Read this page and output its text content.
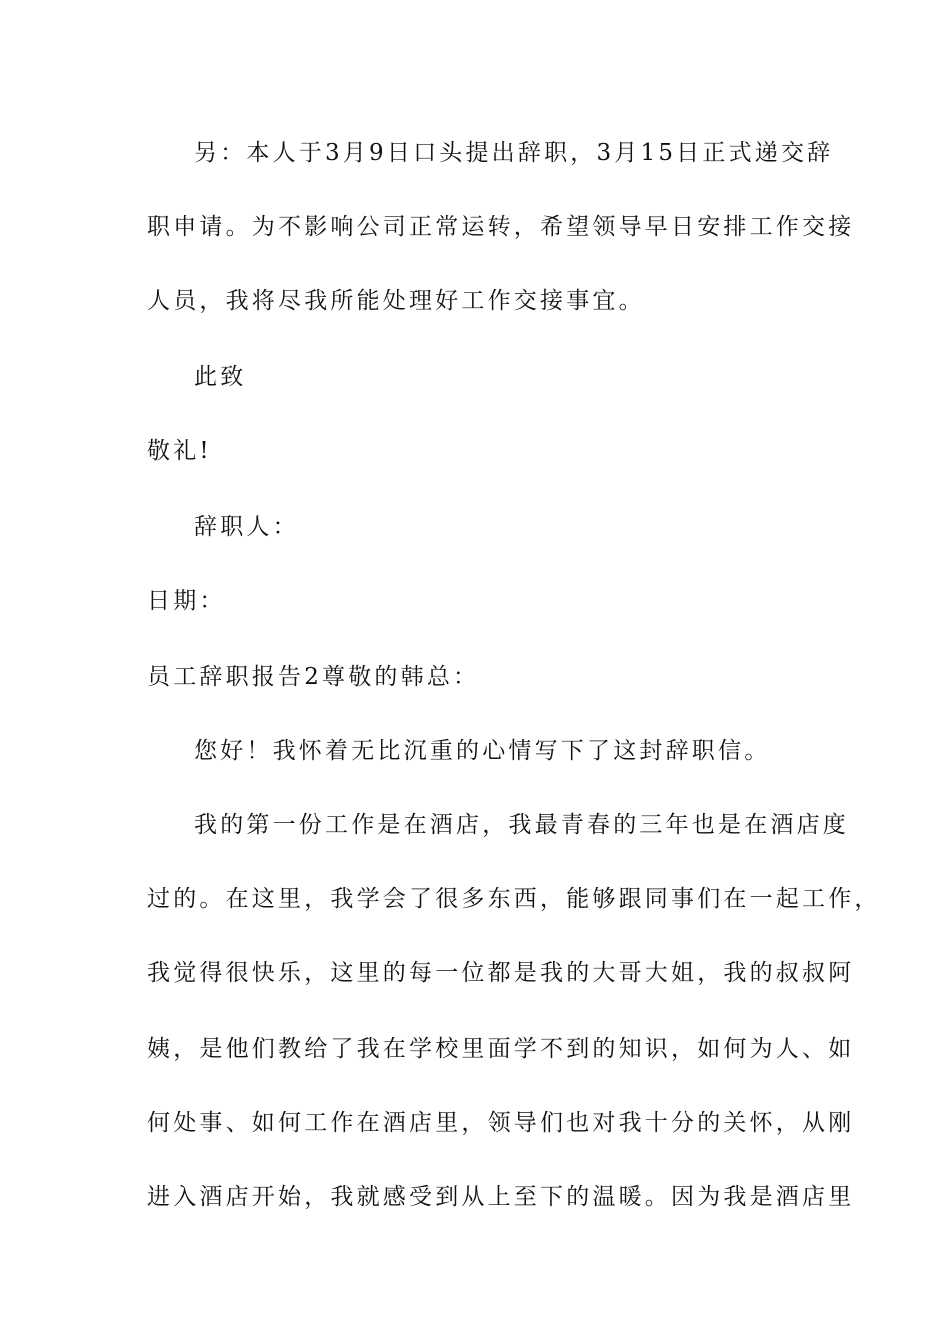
另：本人于3月9日口头提出辞职，3月15日正式递交辞
职申请。为不影响公司正常运转，希望领导早日安排工作交接
人员，我将尽我所能处理好工作交接事宜。
此致
敬礼!
辞职人：
日期：
员工辞职报告2尊敬的韩总：
您好！我怀着无比沉重的心情写下了这封辞职信。
我的第一份工作是在酒店，我最青春的三年也是在酒店度
过的。在这里，我学会了很多东西，能够跟同事们在一起工作，
我觉得很快乐，这里的每一位都是我的大哥大姐，我的叔叔阿
姨，是他们教给了我在学校里面学不到的知识，如何为人、如
何处事、如何工作在酒店里，领导们也对我十分的关怀，从刚
进入酒店开始，我就感受到从上至下的温暖。因为我是酒店里
